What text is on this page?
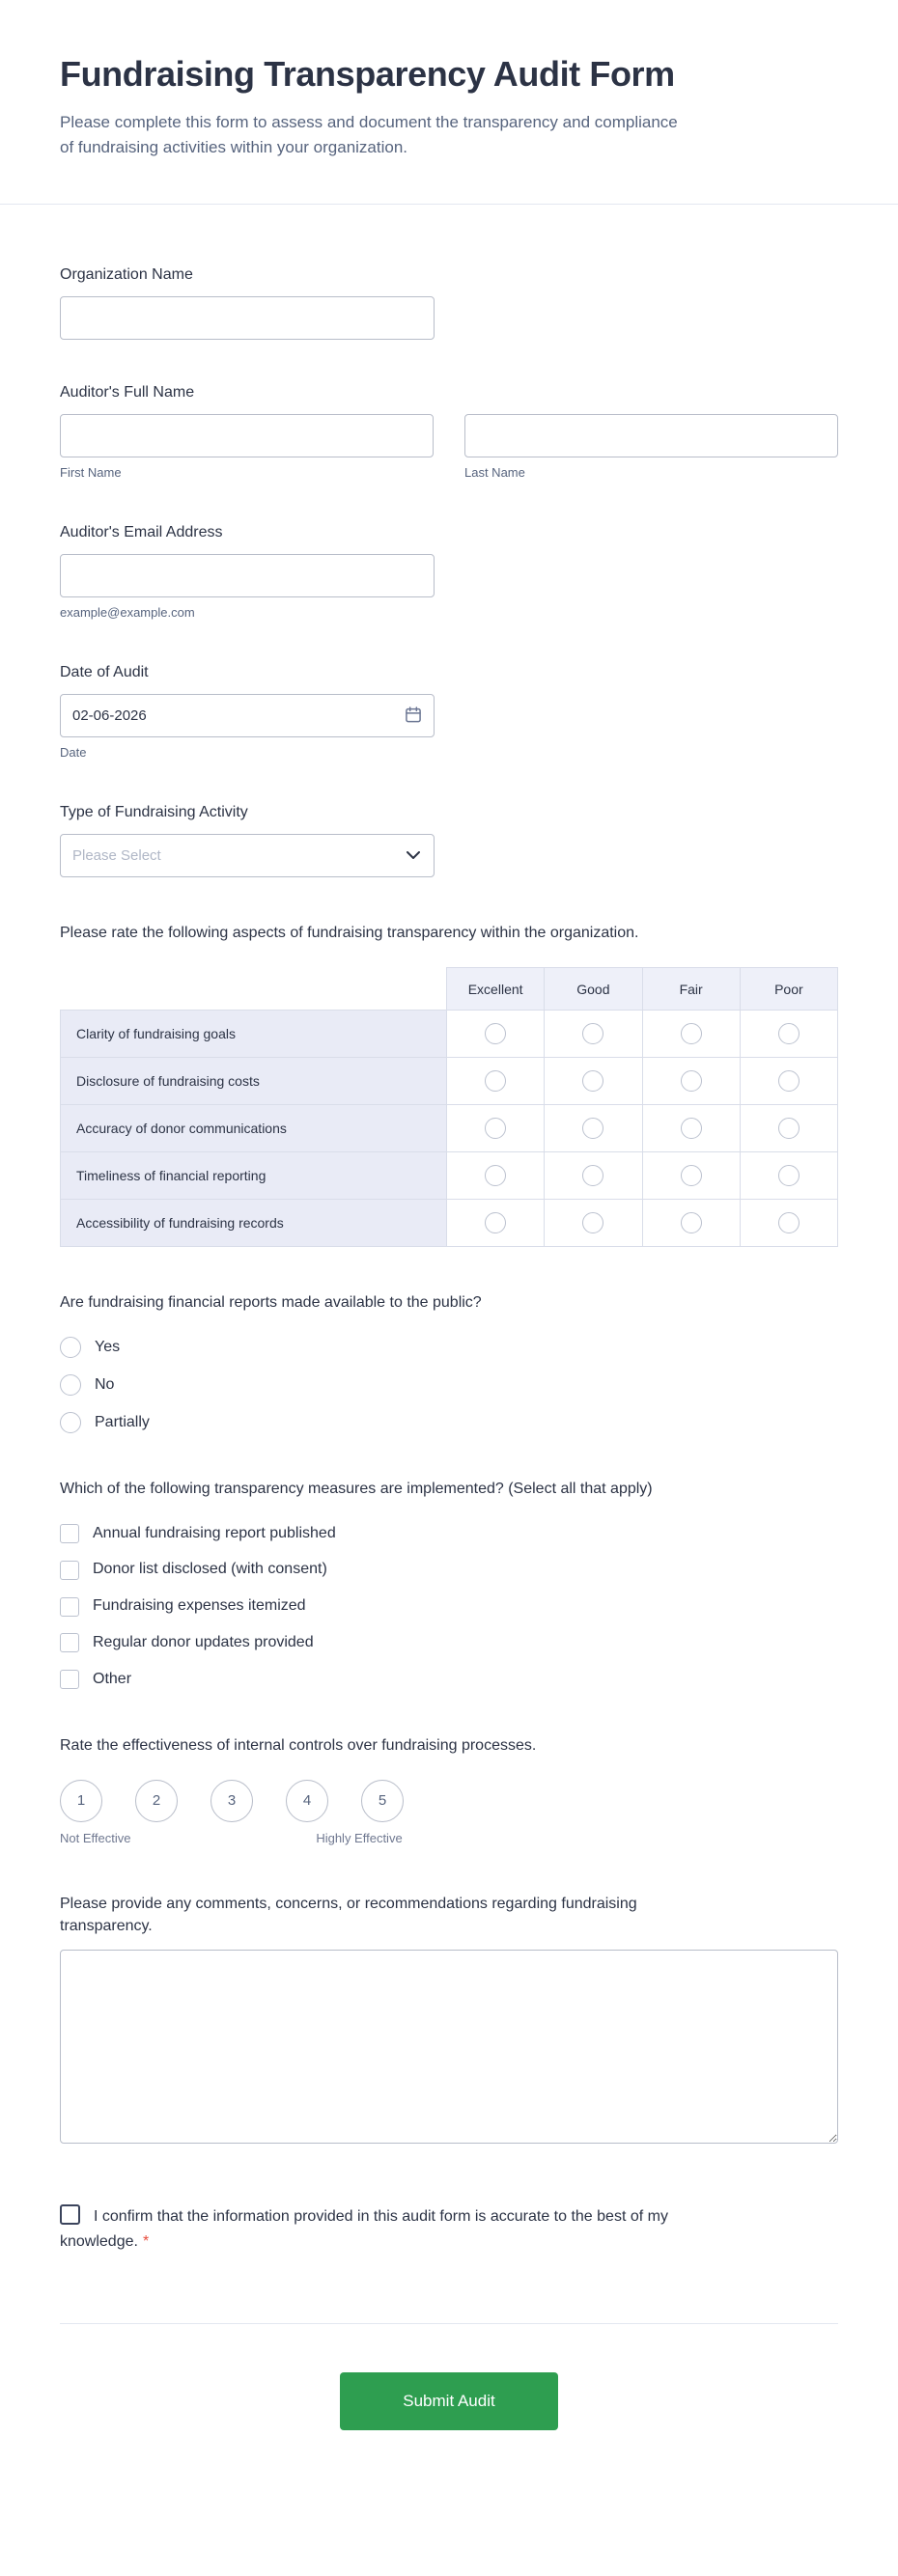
Fundraising Transparency Audit Form

Please complete this form to assess and document the transparency and compliance of fundraising activities within your organization.

Organization Name
Auditor's Full Name
First Name	Last Name
Auditor's Email Address
example@example.com
Date of Audit
02-06-2026
Date
Type of Fundraising Activity
Please Select
Please rate the following aspects of fundraising transparency within the organization.
	Excellent	Good	Fair	Poor
Clarity of fundraising goals				
Disclosure of fundraising costs				
Accuracy of donor communications				
Timeliness of financial reporting				
Accessibility of fundraising records				
Are fundraising financial reports made available to the public?
Yes
No
Partially
Which of the following transparency measures are implemented? (Select all that apply)
Annual fundraising report published
Donor list disclosed (with consent)
Fundraising expenses itemized
Regular donor updates provided
Other
Rate the effectiveness of internal controls over fundraising processes.
1	2	3	4	5
Not Effective	Highly Effective
Please provide any comments, concerns, or recommendations regarding fundraising transparency.

I confirm that the information provided in this audit form is accurate to the best of my knowledge. *

Submit Audit
